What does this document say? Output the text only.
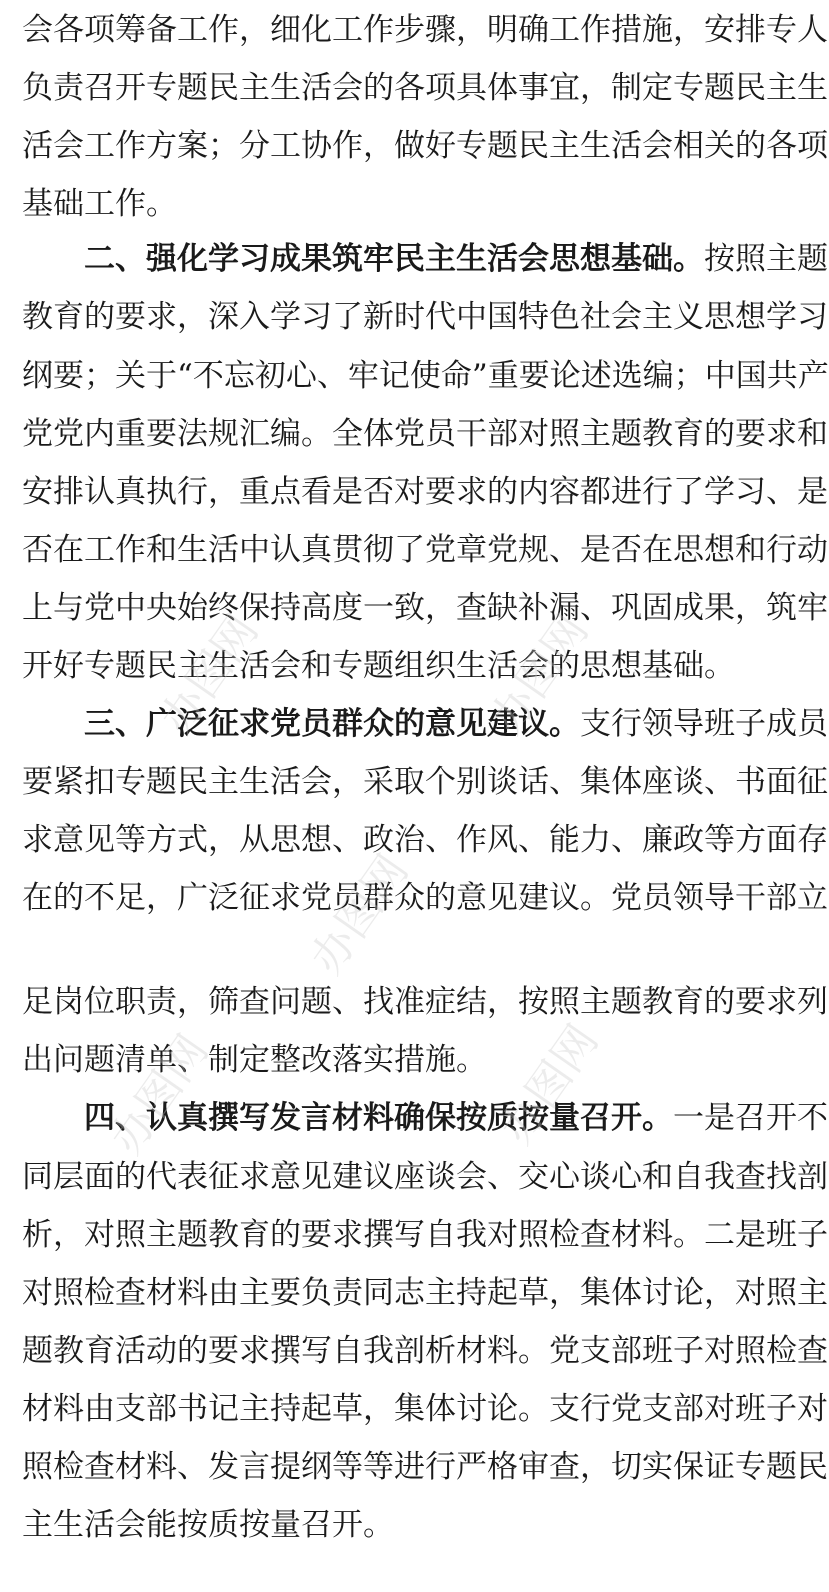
会各项筹备工作，细化工作步骤，明确工作措施，安排专人
负责召开专题民主生活会的各项具体事宜，制定专题民主生
活会工作方案；分工协作，做好专题民主生活会相关的各项
基础工作。
二、强化学习成果筑牢民主生活会思想基础。按照主题
教育的要求，深入学习了新时代中国特色社会主义思想学习
纲要；关于“不忘初心、牢记使命”重要论述选编；中国共产
党党内重要法规汇编。全体党员干部对照主题教育的要求和
安排认真执行，重点看是否对要求的内容都进行了学习、是
否在工作和生活中认真贯彻了党章党规、是否在思想和行动
上与党中央始终保持高度一致，查缺补漏、巩固成果，筑牢
开好专题民主生活会和专题组织生活会的思想基础。
三、广泛征求党员群众的意见建议。支行领导班子成员
要紧扣专题民主生活会，采取个别谈话、集体座谈、书面征
求意见等方式，从思想、政治、作风、能力、廉政等方面存
在的不足，广泛征求党员群众的意见建议。党员领导干部立
足岗位职责，筛查问题、找准症结，按照主题教育的要求列
出问题清单、制定整改落实措施。
四、认真撰写发言材料确保按质按量召开。一是召开不
同层面的代表征求意见建议座谈会、交心谈心和自我查找剖
析，对照主题教育的要求撰写自我对照检查材料。二是班子
对照检查材料由主要负责同志主持起草，集体讨论，对照主
题教育活动的要求撰写自我剖析材料。党支部班子对照检查
材料由支部书记主持起草，集体讨论。支行党支部对班子对
照检查材料、发言提纲等等进行严格审查，切实保证专题民
主生活会能按质按量召开。
办图网	办图网
办图网
办图网	办图网
